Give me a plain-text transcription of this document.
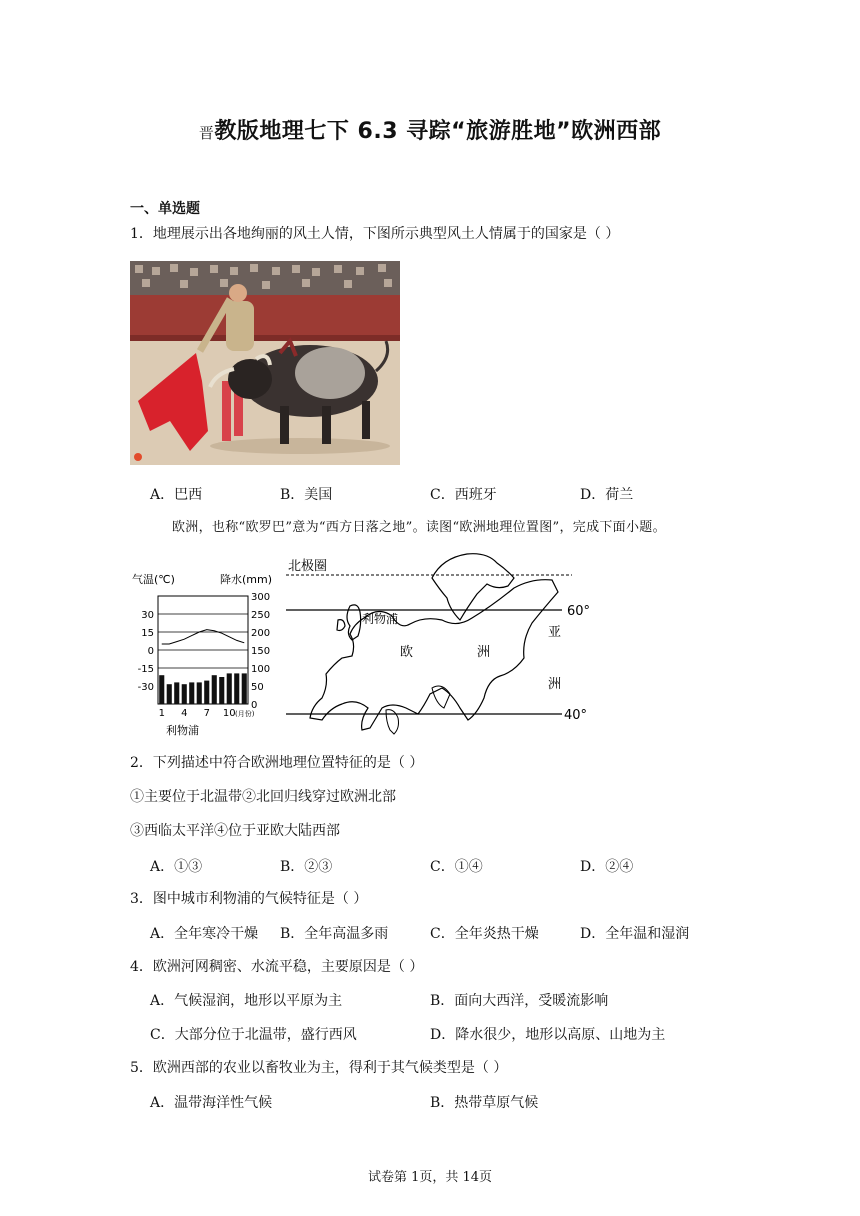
晋教版地理七下 6.3 寻踪“旅游胜地”欧洲西部
一、单选题
1．地理展示出各地绚丽的风土人情，下图所示典型风土人情属于的国家是（ ）
A．巴西	B．美国	C．西班牙	D．荷兰
欧洲，也称“欧罗巴”意为“西方日落之地”。读图“欧洲地理位置图”，完成下面小题。
气温(℃)	降水(mm)
30
15
0
-15
-30
300
250
200
150
100
50
0
1 4 7 10 (月份)
利物浦
北极圈
60°
40°
利物浦
欧	洲
亚
洲
2．下列描述中符合欧洲地理位置特征的是（ ）
①主要位于北温带②北回归线穿过欧洲北部
③西临太平洋④位于亚欧大陆西部
A．①③	B．②③	C．①④	D．②④
3．图中城市利物浦的气候特征是（ ）
A．全年寒冷干燥 B．全年高温多雨	C．全年炎热干燥	D．全年温和湿润
4．欧洲河网稠密、水流平稳，主要原因是（ ）
A．气候湿润，地形以平原为主	B．面向大西洋，受暖流影响
C．大部分位于北温带，盛行西风	D．降水很少，地形以高原、山地为主
5．欧洲西部的农业以畜牧业为主，得利于其气候类型是（ ）
A．温带海洋性气候	B．热带草原气候
试卷第 1页，共 14页
